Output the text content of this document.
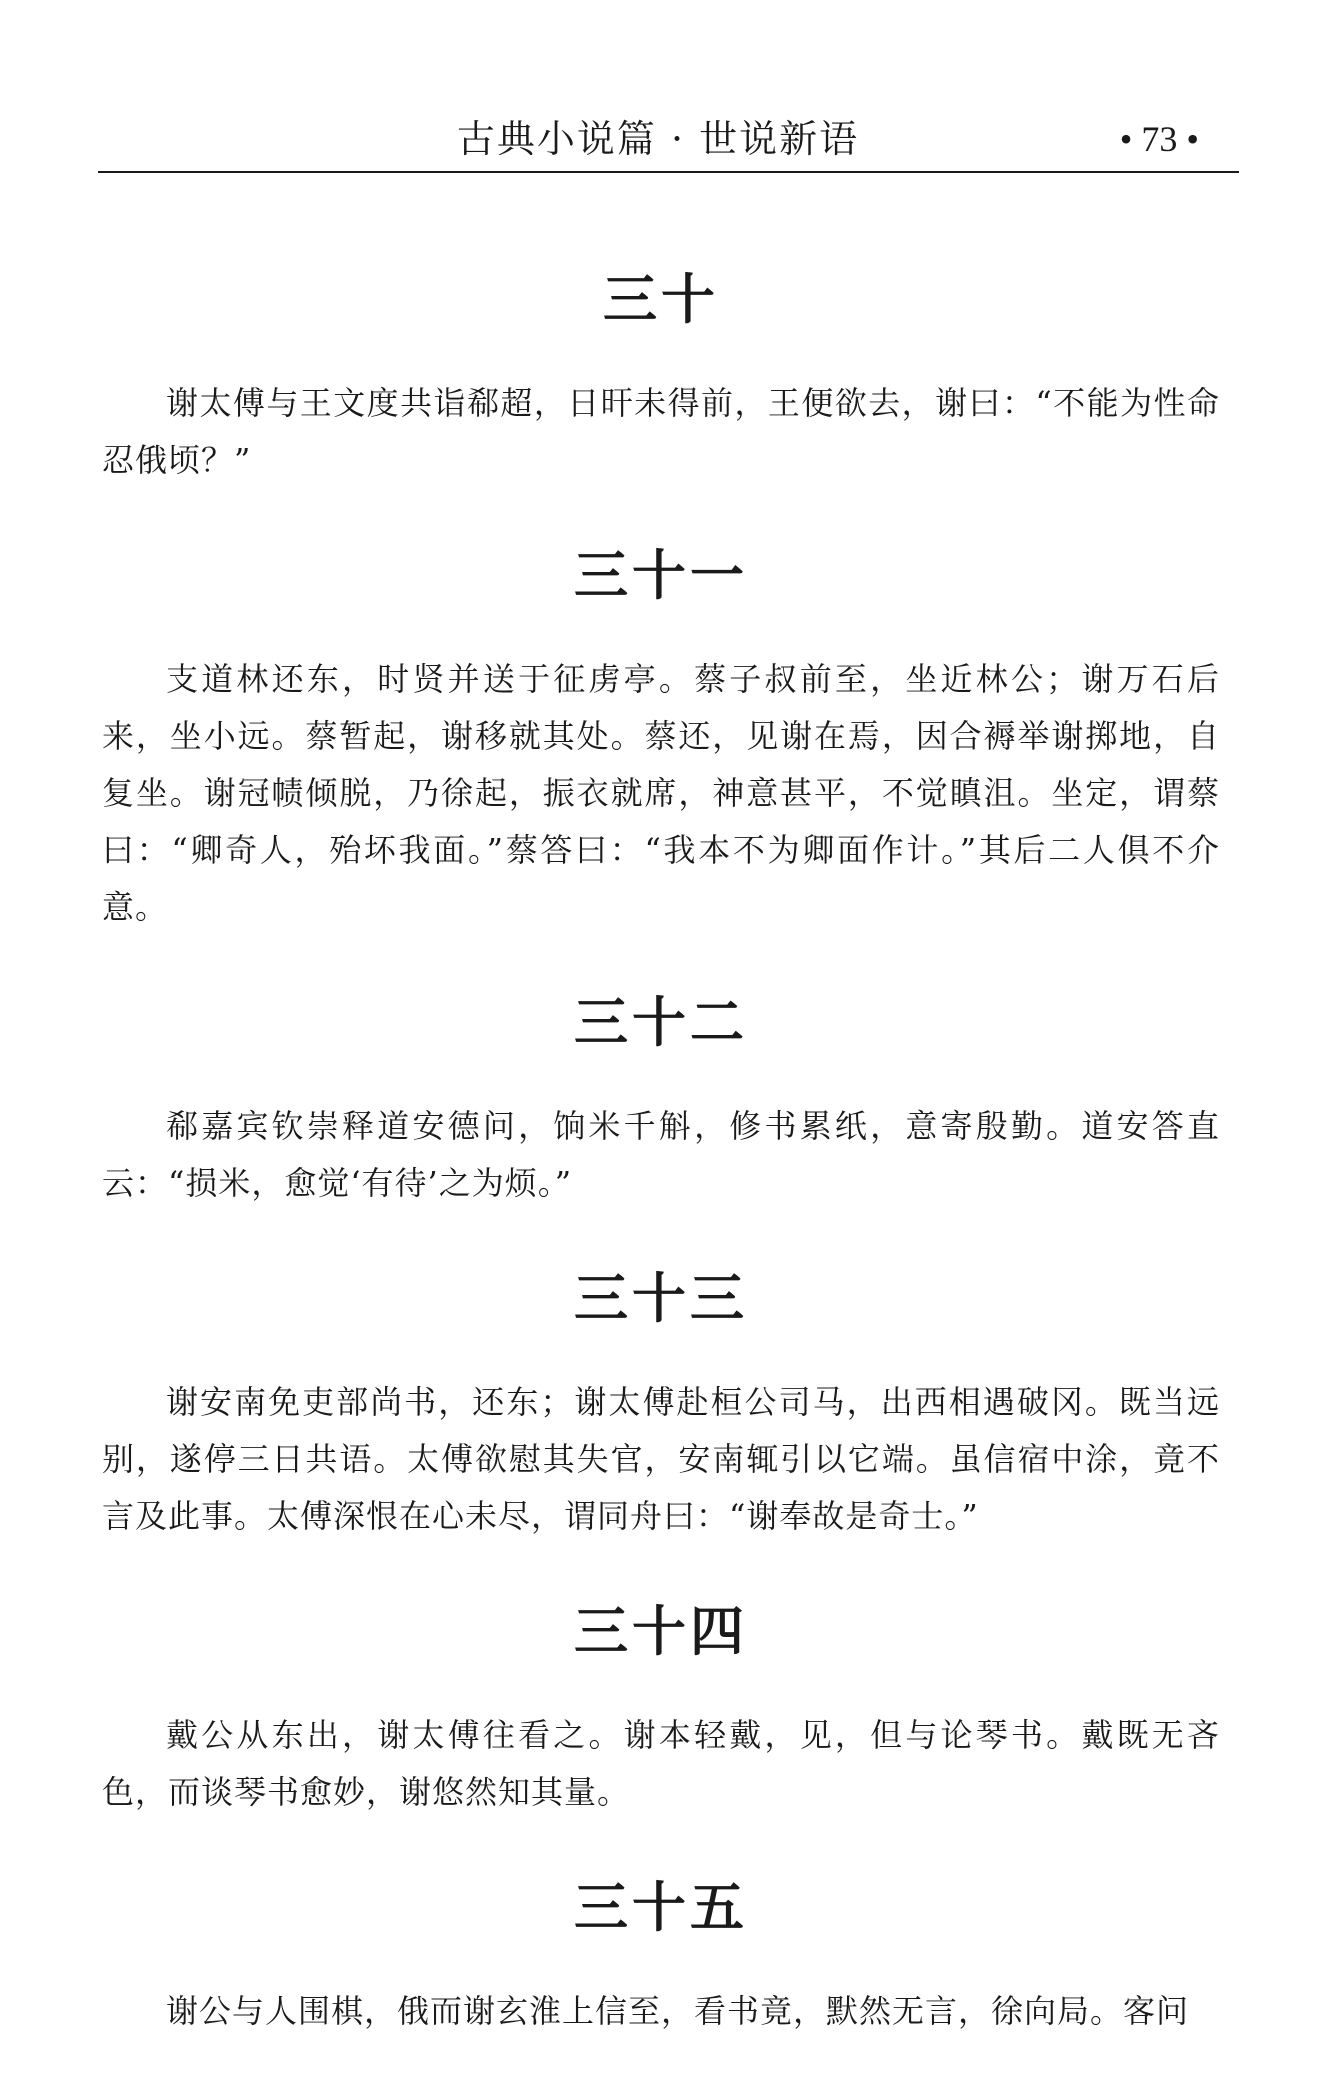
古典小说篇 · 世说新语	• 73 •
三十

谢太傅与王文度共诣郗超，日旰未得前，王便欲去，谢曰：“不能为性命忍俄顷？”

三十一

支道林还东，时贤并送于征虏亭。蔡子叔前至，坐近林公；谢万石后来，坐小远。蔡暂起，谢移就其处。蔡还，见谢在焉，因合褥举谢掷地，自复坐。谢冠帻倾脱，乃徐起，振衣就席，神意甚平，不觉瞋沮。坐定，谓蔡曰：“卿奇人，殆坏我面。”蔡答曰：“我本不为卿面作计。”其后二人俱不介意。

三十二

郗嘉宾钦崇释道安德问，饷米千斛，修书累纸，意寄殷勤。道安答直云：“损米，愈觉‘有待’之为烦。”

三十三

谢安南免吏部尚书，还东；谢太傅赴桓公司马，出西相遇破冈。既当远别，遂停三日共语。太傅欲慰其失官，安南辄引以它端。虽信宿中涂，竟不言及此事。太傅深恨在心未尽，谓同舟曰：“谢奉故是奇士。”

三十四

戴公从东出，谢太傅往看之。谢本轻戴，见，但与论琴书。戴既无吝色，而谈琴书愈妙，谢悠然知其量。

三十五

谢公与人围棋，俄而谢玄淮上信至，看书竟，默然无言，徐向局。客问
